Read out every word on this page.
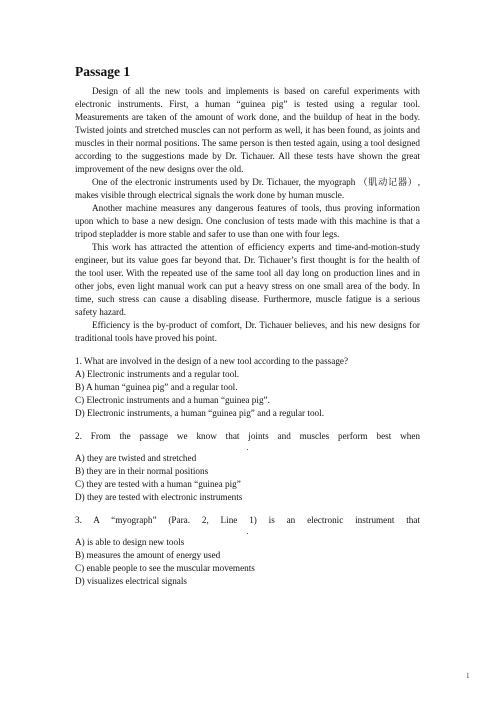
Passage 1

Design of all the new tools and implements is based on careful experiments with electronic instruments. First, a human “guinea pig” is tested using a regular tool. Measurements are taken of the amount of work done, and the buildup of heat in the body. Twisted joints and stretched muscles can not perform as well, it has been found, as joints and muscles in their normal positions. The same person is then tested again, using a tool designed according to the suggestions made by Dr. Tichauer. All these tests have shown the great improvement of the new designs over the old.

One of the electronic instruments used by Dr. Tichauer, the myograph （肌动记器）, makes visible through electrical signals the work done by human muscle.

Another machine measures any dangerous features of tools, thus proving information upon which to base a new design. One conclusion of tests made with this machine is that a tripod stepladder is more stable and safer to use than one with four legs.

This work has attracted the attention of efficiency experts and time-and-motion-study engineer, but its value goes far beyond that. Dr. Tichauer’s first thought is for the health of the tool user. With the repeated use of the same tool all day long on production lines and in other jobs, even light manual work can put a heavy stress on one small area of the body. In time, such stress can cause a disabling disease. Furthermore, muscle fatigue is a serious safety hazard.

Efficiency is the by-product of comfort, Dr. Tichauer believes, and his new designs for traditional tools have proved his point.

1. What are involved in the design of a new tool according to the passage?

A) Electronic instruments and a regular tool.

B) A human “guinea pig” and a regular tool.

C) Electronic instruments and a human “guinea pig”.

D) Electronic instruments, a human “guinea pig” and a regular tool.

2. From the passage we know that joints and muscles perform best when

.

A) they are twisted and stretched

B) they are in their normal positions

C) they are tested with a human “guinea pig”

D) they are tested with electronic instruments

3. A “myograph” (Para. 2, Line 1) is an electronic instrument that

.

A) is able to design new tools

B) measures the amount of energy used

C) enable people to see the muscular movements

D) visualizes electrical signals

1
